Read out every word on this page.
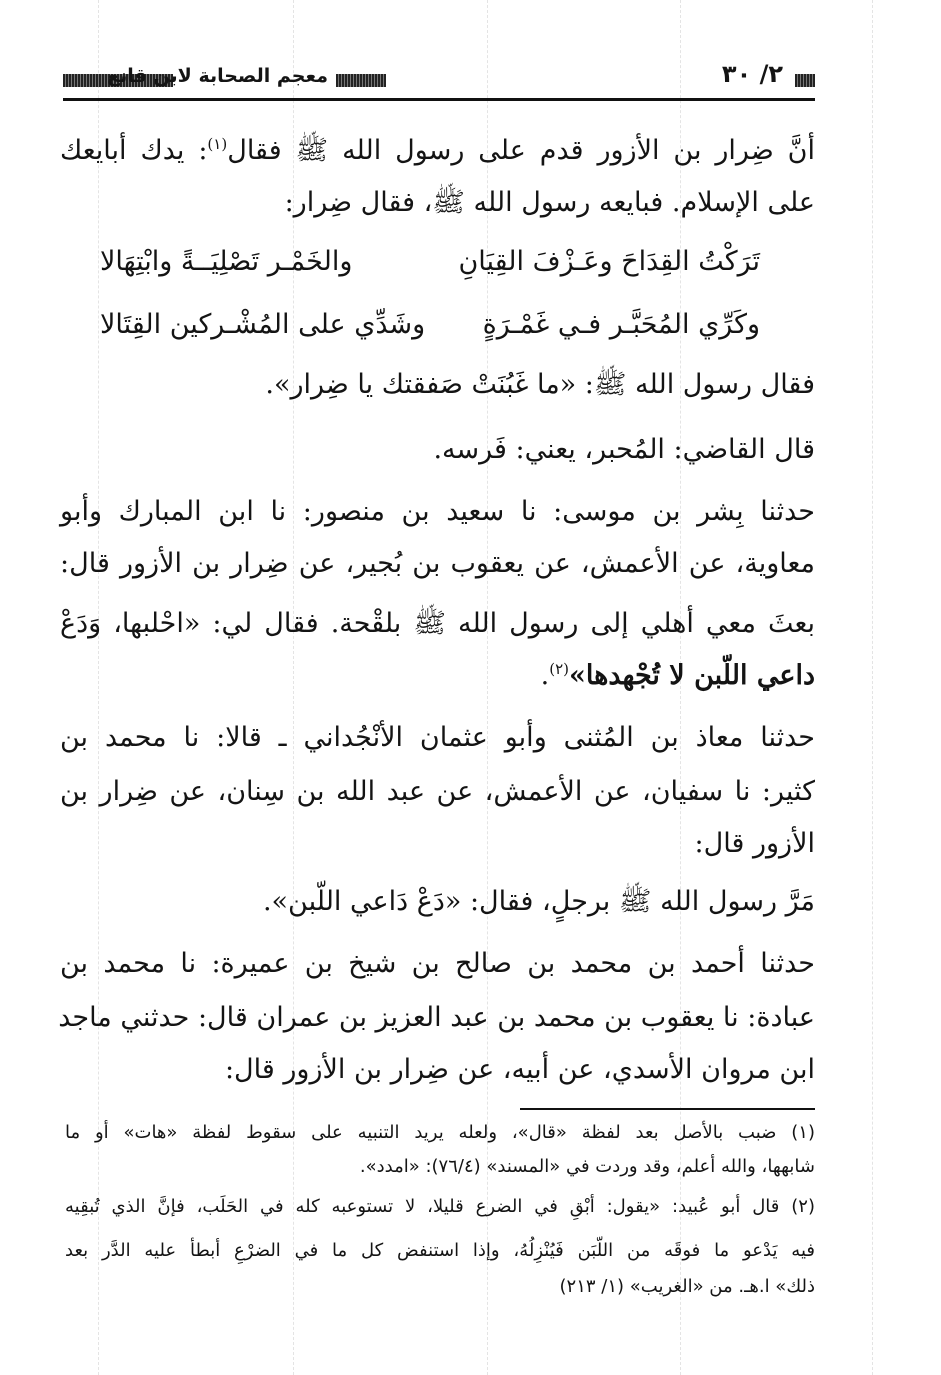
معجم الصحابة لابن قانع	٢/ ٣٠
أنَّ ضِرار بن الأزور قدم على رسول الله ﷺ فقال$^{(١)}$: يدك أبايعك
على الإسلام. فبايعه رسول الله ﷺ، فقال ضِرار:
تَرَكْتُ القِدَاحَ وعَـزْفَ القِيَانِ
والخَمْـر تَصْلِيَــةً وابْتِهَالا
وكَرِّي المُحَبَّـر فـي غَمْـرَةٍ
وشَدِّي على المُشْـركين القِتَالا
فقال رسول الله ﷺ: «ما غَبُنَتْ صَفقتك يا ضِرار».
قال القاضي: المُحبر، يعني: فَرسه.
حدثنا بِشر بن موسى: نا سعيد بن منصور: نا ابن المبارك وأبو
معاوية، عن الأعمش، عن يعقوب بن بُجير، عن ضِرار بن الأزور قال:
بعثَ معي أهلي إلى رسول الله ﷺ بلقْحة. فقال لي: «احْلبها، وَدَعْ
داعي اللّبن لا تُجْهدها»$^{(٢)}$.
حدثنا معاذ بن المُثنى وأبو عثمان الأنْجُداني ـ قالا: نا محمد بن
كثير: نا سفيان، عن الأعمش، عن عبد الله بن سِنان، عن ضِرار بن
الأزور قال:
مَرَّ رسول الله ﷺ برجلٍ، فقال: «دَعْ دَاعي اللّبن».
حدثنا أحمد بن محمد بن صالح بن شيخ بن عميرة: نا محمد بن
عبادة: نا يعقوب بن محمد بن عبد العزيز بن عمران قال: حدثني ماجد
ابن مروان الأسدي، عن أبيه، عن ضِرار بن الأزور قال:
(١) ضبب بالأصل بعد لفظة «قال»، ولعله يريد التنبيه على سقوط لفظة «هات» أو ما
شابهها، والله أعلم، وقد وردت في «المسند» (٧٦/٤): «امدد».
(٢) قال أبو عُبيد: «يقول: أبْقِ في الضرع قليلا، لا تستوعبه كله في الحَلَب، فإنَّ الذي تُبقِيه
فيه يَدْعو ما فوقَه من اللّبَن فَيُنْزِلُهُ، وإذا استنفض كل ما في الضرْعِ أبطأ عليه الدَّر بعد
ذلك» ا.هـ. من «الغريب» (١/ ٢١٣)
